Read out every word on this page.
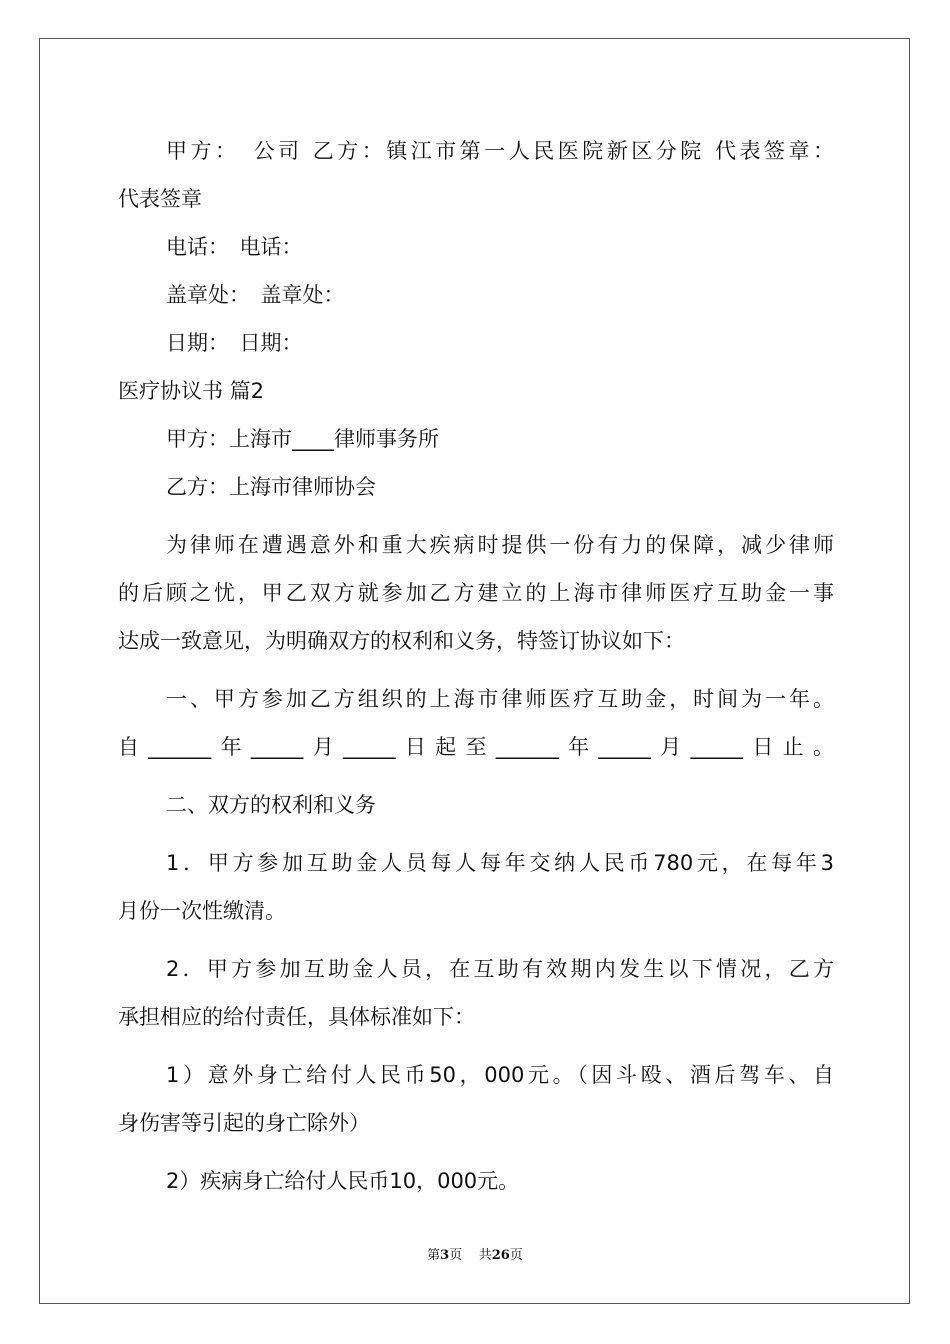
甲方：　公司 乙方：镇江市第一人民医院新区分院 代表签章：
代表签章
电话：　电话：
盖章处：　盖章处：
日期：　日期：
医疗协议书 篇2
甲方：上海市____律师事务所
乙方：上海市律师协会
为律师在遭遇意外和重大疾病时提供一份有力的保障，减少律师
的后顾之忧，甲乙双方就参加乙方建立的上海市律师医疗互助金一事
达成一致意见，为明确双方的权利和义务，特签订协议如下：
一、甲方参加乙方组织的上海市律师医疗互助金，时间为一年。
自______年_____月_____日起至______年_____月_____日止。
二、双方的权利和义务
1．甲方参加互助金人员每人每年交纳人民币780元，在每年3
月份一次性缴清。
2．甲方参加互助金人员，在互助有效期内发生以下情况，乙方
承担相应的给付责任，具体标准如下：
1）意外身亡给付人民币50，000元。（因斗殴、酒后驾车、自
身伤害等引起的身亡除外）
2）疾病身亡给付人民币10，000元。
第3页 共26页
